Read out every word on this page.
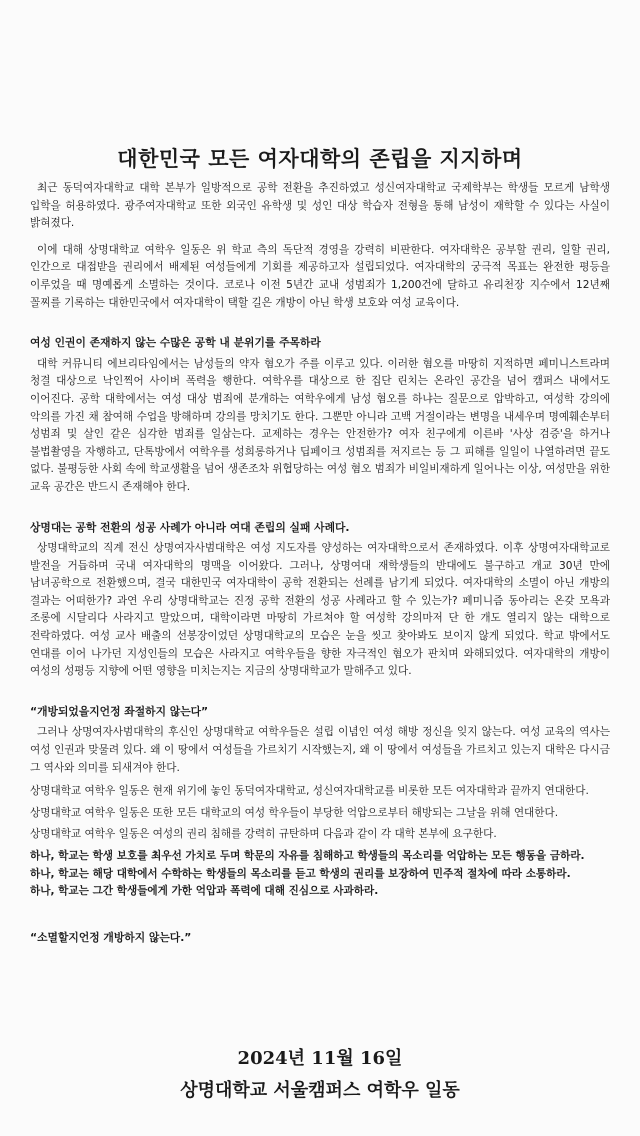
대한민국 모든 여자대학의 존립을 지지하며

최근 동덕여자대학교 대학 본부가 일방적으로 공학 전환을 추진하였고 성신여자대학교 국제학부는 학생들 모르게 남학생 입학을 허용하였다. 광주여자대학교 또한 외국인 유학생 및 성인 대상 학습자 전형을 통해 남성이 재학할 수 있다는 사실이 밝혀졌다.

이에 대해 상명대학교 여학우 일동은 위 학교 측의 독단적 경영을 강력히 비판한다. 여자대학은 공부할 권리, 일할 권리, 인간으로 대접받을 권리에서 배제된 여성들에게 기회를 제공하고자 설립되었다. 여자대학의 궁극적 목표는 완전한 평등을 이루었을 때 명예롭게 소멸하는 것이다. 코로나 이전 5년간 교내 성범죄가 1,200건에 달하고 유리천장 지수에서 12년째 꼴찌를 기록하는 대한민국에서 여자대학이 택할 길은 개방이 아닌 학생 보호와 여성 교육이다.

여성 인권이 존재하지 않는 수많은 공학 내 분위기를 주목하라

대학 커뮤니티 에브리타임에서는 남성들의 약자 혐오가 주를 이루고 있다. 이러한 혐오를 마땅히 지적하면 페미니스트라며 청결 대상으로 낙인찍어 사이버 폭력을 행한다. 여학우를 대상으로 한 집단 린치는 온라인 공간을 넘어 캠퍼스 내에서도 이어진다. 공학 대학에서는 여성 대상 범죄에 분개하는 여학우에게 남성 혐오를 하냐는 질문으로 압박하고, 여성학 강의에 악의를 가진 채 참여해 수업을 방해하며 강의를 망치기도 한다. 그뿐만 아니라 고백 거절이라는 변명을 내세우며 명예훼손부터 성범죄 및 살인 같은 심각한 범죄를 일삼는다. 교제하는 경우는 안전한가? 여자 친구에게 이른바 '사상 검증'을 하거나 불법촬영을 자행하고, 단톡방에서 여학우를 성희롱하거나 딥페이크 성범죄를 저지르는 등 그 피해를 일일이 나열하려면 끝도 없다. 불평등한 사회 속에 학교생활을 넘어 생존조차 위협당하는 여성 혐오 범죄가 비일비재하게 일어나는 이상, 여성만을 위한 교육 공간은 반드시 존재해야 한다.

상명대는 공학 전환의 성공 사례가 아니라 여대 존립의 실패 사례다.

상명대학교의 직계 전신 상명여자사범대학은 여성 지도자를 양성하는 여자대학으로서 존재하였다. 이후 상명여자대학교로 발전을 거듭하며 국내 여자대학의 명맥을 이어왔다. 그러나, 상명여대 재학생들의 반대에도 불구하고 개교 30년 만에 남녀공학으로 전환했으며, 결국 대한민국 여자대학이 공학 전환되는 선례를 남기게 되었다. 여자대학의 소멸이 아닌 개방의 결과는 어떠한가? 과연 우리 상명대학교는 진정 공학 전환의 성공 사례라고 할 수 있는가? 페미니즘 동아리는 온갖 모욕과 조롱에 시달리다 사라지고 말았으며, 대학이라면 마땅히 가르쳐야 할 여성학 강의마저 단 한 개도 열리지 않는 대학으로 전락하였다. 여성 교사 배출의 선봉장이었던 상명대학교의 모습은 눈을 씻고 찾아봐도 보이지 않게 되었다. 학교 밖에서도 연대를 이어 나가던 지성인들의 모습은 사라지고 여학우들을 향한 자극적인 혐오가 판치며 와해되었다. 여자대학의 개방이 여성의 성평등 지향에 어떤 영향을 미치는지는 지금의 상명대학교가 말해주고 있다.

“개방되었을지언정 좌절하지 않는다”

그러나 상명여자사범대학의 후신인 상명대학교 여학우들은 설립 이념인 여성 해방 정신을 잊지 않는다. 여성 교육의 역사는 여성 인권과 맞물려 있다. 왜 이 땅에서 여성들을 가르치기 시작했는지, 왜 이 땅에서 여성들을 가르치고 있는지 대학은 다시금 그 역사와 의미를 되새겨야 한다.

상명대학교 여학우 일동은 현재 위기에 놓인 동덕여자대학교, 성신여자대학교를 비롯한 모든 여자대학과 끝까지 연대한다.

상명대학교 여학우 일동은 또한 모든 대학교의 여성 학우들이 부당한 억압으로부터 해방되는 그날을 위해 연대한다.

상명대학교 여학우 일동은 여성의 권리 침해를 강력히 규탄하며 다음과 같이 각 대학 본부에 요구한다.

하나, 학교는 학생 보호를 최우선 가치로 두며 학문의 자유를 침해하고 학생들의 목소리를 억압하는 모든 행동을 금하라.

하나, 학교는 해당 대학에서 수학하는 학생들의 목소리를 듣고 학생의 권리를 보장하여 민주적 절차에 따라 소통하라.

하나, 학교는 그간 학생들에게 가한 억압과 폭력에 대해 진심으로 사과하라.

“소멸할지언정 개방하지 않는다.”
2024년 11월 16일
상명대학교 서울캠퍼스 여학우 일동
